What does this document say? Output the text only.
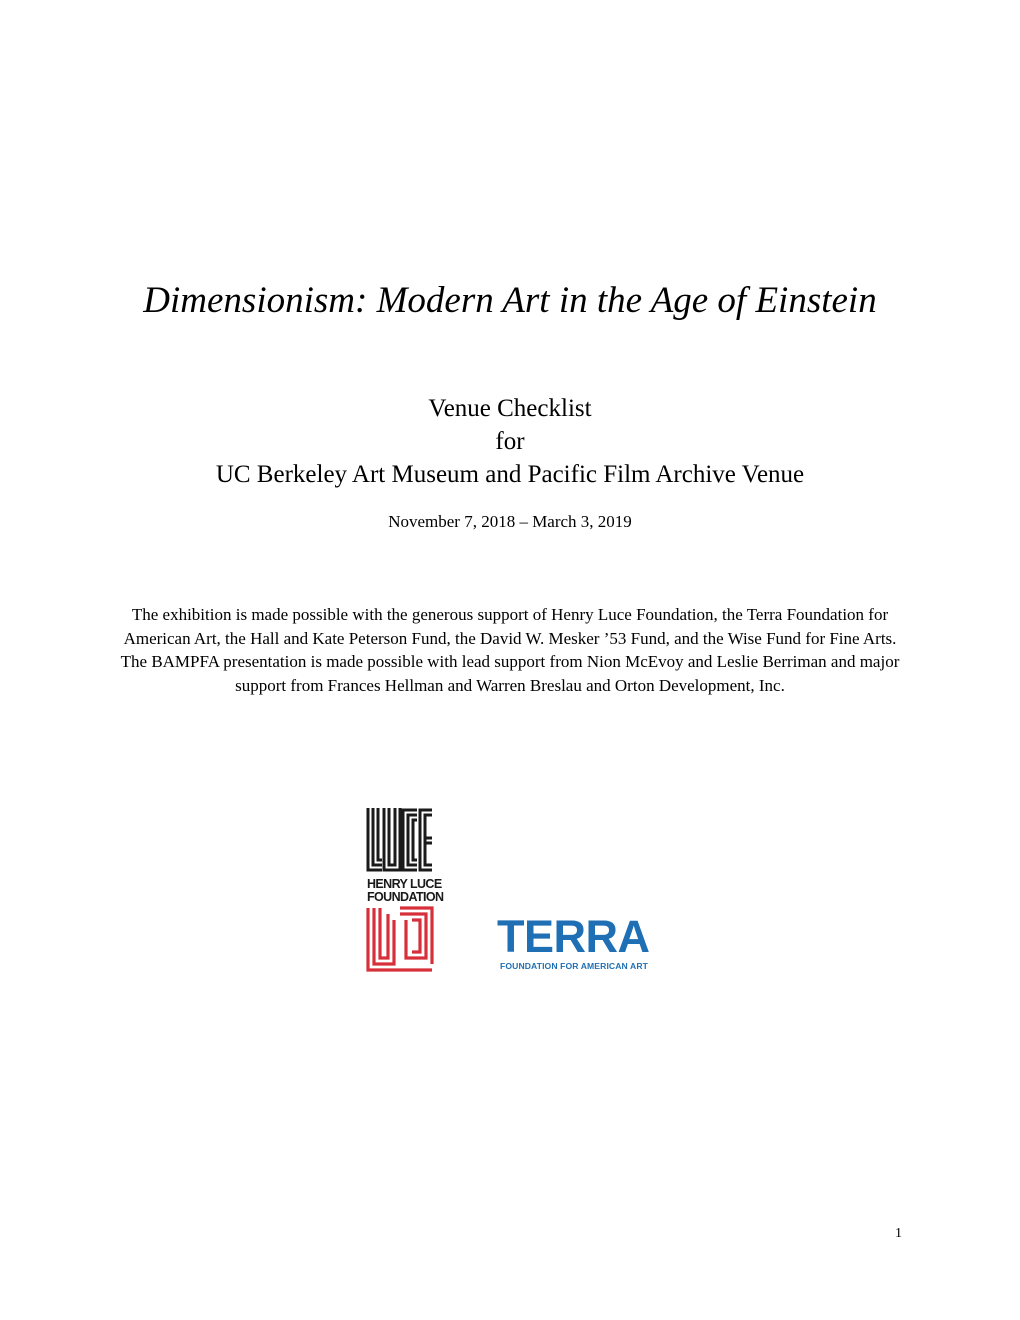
Dimensionism: Modern Art in the Age of Einstein
Venue Checklist
for
UC Berkeley Art Museum and Pacific Film Archive Venue
November 7, 2018 – March 3, 2019
The exhibition is made possible with the generous support of Henry Luce Foundation, the Terra Foundation for American Art, the Hall and Kate Peterson Fund, the David W. Mesker ’53 Fund, and the Wise Fund for Fine Arts. The BAMPFA presentation is made possible with lead support from Nion McEvoy and Leslie Berriman and major support from Frances Hellman and Warren Breslau and Orton Development, Inc.
HENRY LUCE
FOUNDATION
TERRA
FOUNDATION FOR AMERICAN ART
1
